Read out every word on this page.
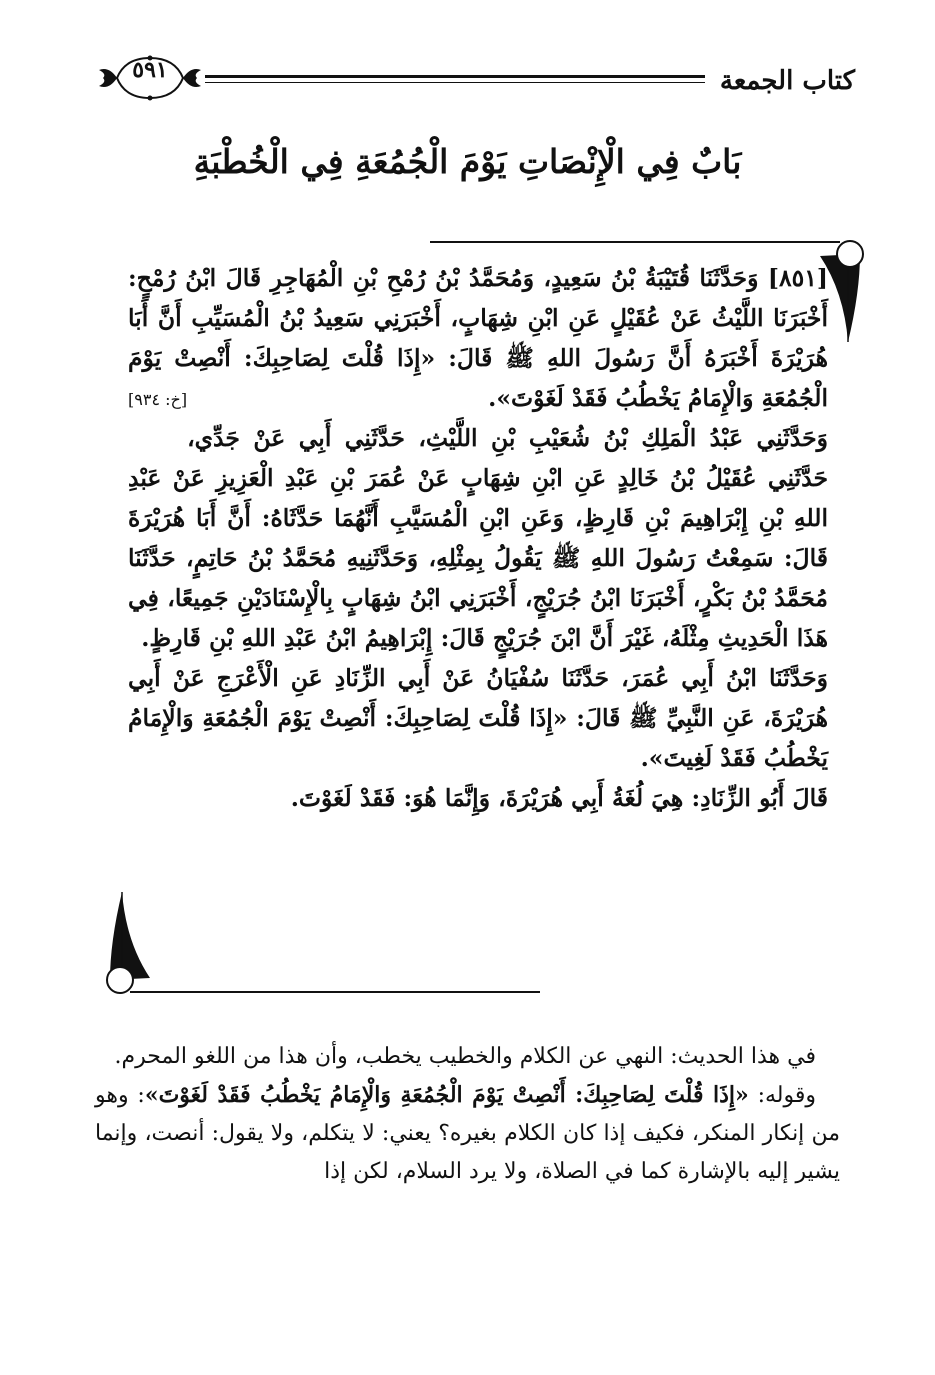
كتاب الجمعة
٥٩١
بَابٌ فِي الْإِنْصَاتِ يَوْمَ الْجُمُعَةِ فِي الْخُطْبَةِ

[٨٥١] وَحَدَّثَنَا قُتَيْبَةُ بْنُ سَعِيدٍ، وَمُحَمَّدُ بْنُ رُمْحِ بْنِ الْمُهَاجِرِ قَالَ ابْنُ رُمْحٍ: أَخْبَرَنَا اللَّيْثُ عَنْ عُقَيْلٍ عَنِ ابْنِ شِهَابٍ، أَخْبَرَنِي سَعِيدُ بْنُ الْمُسَيِّبِ أَنَّ أَبَا هُرَيْرَةَ أَخْبَرَهُ أَنَّ رَسُولَ اللهِ ﷺ قَالَ: «إِذَا قُلْتَ لِصَاحِبِكَ: أَنْصِتْ يَوْمَ الْجُمُعَةِ وَالْإِمَامُ يَخْطُبُ فَقَدْ لَغَوْتَ».
[خ: ٩٣٤]

وَحَدَّثَنِي عَبْدُ الْمَلِكِ بْنُ شُعَيْبِ بْنِ اللَّيْثِ، حَدَّثَنِي أَبِي عَنْ جَدِّي، حَدَّثَنِي عُقَيْلُ بْنُ خَالِدٍ عَنِ ابْنِ شِهَابٍ عَنْ عُمَرَ بْنِ عَبْدِ الْعَزِيزِ عَنْ عَبْدِ اللهِ بْنِ إِبْرَاهِيمَ بْنِ قَارِظٍ، وَعَنِ ابْنِ الْمُسَيَّبِ أَنَّهُمَا حَدَّثَاهُ: أَنَّ أَبَا هُرَيْرَةَ قَالَ: سَمِعْتُ رَسُولَ اللهِ ﷺ يَقُولُ بِمِثْلِهِ، وَحَدَّثَنِيهِ مُحَمَّدُ بْنُ حَاتِمٍ، حَدَّثَنَا مُحَمَّدُ بْنُ بَكْرٍ، أَخْبَرَنَا ابْنُ جُرَيْجٍ، أَخْبَرَنِي ابْنُ شِهَابٍ بِالْإِسْنَادَيْنِ جَمِيعًا، فِي هَذَا الْحَدِيثِ مِثْلَهُ، غَيْرَ أَنَّ ابْنَ جُرَيْجٍ قَالَ: إِبْرَاهِيمُ ابْنُ عَبْدِ اللهِ بْنِ قَارِظٍ.

وَحَدَّثَنَا ابْنُ أَبِي عُمَرَ، حَدَّثَنَا سُفْيَانُ عَنْ أَبِي الزِّنَادِ عَنِ الْأَعْرَجِ عَنْ أَبِي هُرَيْرَةَ، عَنِ النَّبِيِّ ﷺ قَالَ: «إِذَا قُلْتَ لِصَاحِبِكَ: أَنْصِتْ يَوْمَ الْجُمُعَةِ وَالْإِمَامُ يَخْطُبُ فَقَدْ لَغِيتَ».

قَالَ أَبُو الزِّنَادِ: هِيَ لُغَةُ أَبِي هُرَيْرَةَ، وَإِنَّمَا هُوَ: فَقَدْ لَغَوْتَ.

في هذا الحديث: النهي عن الكلام والخطيب يخطب، وأن هذا من اللغو المحرم.

وقوله: «إِذَا قُلْتَ لِصَاحِبِكَ: أَنْصِتْ يَوْمَ الْجُمُعَةِ وَالْإِمَامُ يَخْطُبُ فَقَدْ لَغَوْتَ»: وهو من إنكار المنكر، فكيف إذا كان الكلام بغيره؟ يعني: لا يتكلم، ولا يقول: أنصت، وإنما يشير إليه بالإشارة كما في الصلاة، ولا يرد السلام، لكن إذا
